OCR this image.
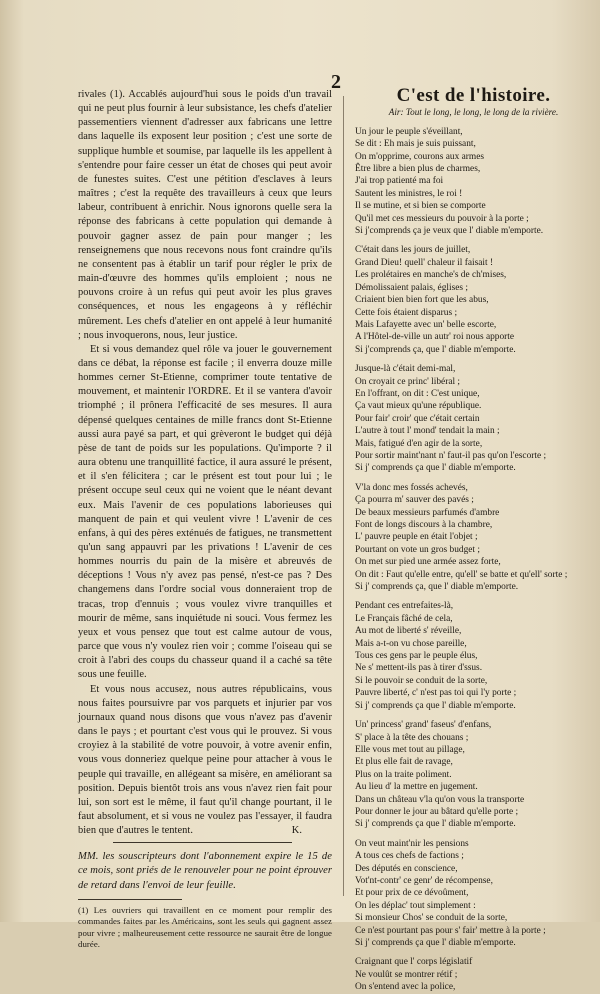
2

rivales (1). Accablés aujourd'hui sous le poids d'un travail qui ne peut plus fournir à leur subsistance, les chefs d'atelier passementiers viennent d'adresser aux fabricans une lettre dans laquelle ils exposent leur position ; c'est une sorte de supplique humble et soumise, par laquelle ils les appellent à s'entendre pour faire cesser un état de choses qui peut avoir de funestes suites. C'est une pétition d'esclaves à leurs maîtres ; c'est la requête des travailleurs à ceux que leurs labeur, contribuent à enrichir. Nous ignorons quelle sera la réponse des fabricans à cette population qui demande à pouvoir gagner assez de pain pour manger ; les renseignemens que nous recevons nous font craindre qu'ils ne consentent pas à établir un tarif pour régler le prix de main-d'œuvre des hommes qu'ils emploient ; nous ne pouvons croire à un refus qui peut avoir les plus graves conséquences, et nous les engageons à y réfléchir mûrement. Les chefs d'atelier en ont appelé à leur humanité ; nous invoquerons, nous, leur justice.

Et si vous demandez quel rôle va jouer le gouvernement dans ce débat, la réponse est facile ; il enverra douze mille hommes cerner St-Etienne, comprimer toute tentative de mouvement, et maintenir l'ORDRE. Et il se vantera d'avoir triomphé ; il prônera l'efficacité de ses mesures. Il aura dépensé quelques centaines de mille francs dont St-Etienne aussi aura payé sa part, et qui grèveront le budget qui déjà pèse de tant de poids sur les populations. Qu'importe ? il aura obtenu une tranquillité factice, il aura assuré le présent, et il s'en félicitera ; car le présent est tout pour lui ; le présent occupe seul ceux qui ne voient que le néant devant eux. Mais l'avenir de ces populations laborieuses qui manquent de pain et qui veulent vivre ! L'avenir de ces enfans, à qui des pères exténués de fatigues, ne transmettent qu'un sang appauvri par les privations ! L'avenir de ces hommes nourris du pain de la misère et abreuvés de déceptions ! Vous n'y avez pas pensé, n'est-ce pas ? Des changemens dans l'ordre social vous donneraient trop de tracas, trop d'ennuis ; vous voulez vivre tranquilles et mourir de même, sans inquiétude ni souci. Vous fermez les yeux et vous pensez que tout est calme autour de vous, parce que vous n'y voulez rien voir ; comme l'oiseau qui se croit à l'abri des coups du chasseur quand il a caché sa tête sous une feuille.

Et vous nous accusez, nous autres républicains, vous nous faites poursuivre par vos parquets et injurier par vos journaux quand nous disons que vous n'avez pas d'avenir dans le pays ; et pourtant c'est vous qui le prouvez. Si vous croyiez à la stabilité de votre pouvoir, à votre avenir enfin, vous vous donneriez quelque peine pour attacher à vous le peuple qui travaille, en allégeant sa misère, en améliorant sa position. Depuis bientôt trois ans vous n'avez rien fait pour lui, son sort est le même, il faut qu'il change pourtant, il le faut absolument, et si vous ne voulez pas l'essayer, il faudra bien que d'autres le tentent.	K.

MM. les souscripteurs dont l'abonnement expire le 15 de ce mois, sont priés de le renouveler pour ne point éprouver de retard dans l'envoi de leur feuille.

(1) Les ouvriers qui travaillent en ce moment pour remplir des commandes faites par les Américains, sont les seuls qui gagnent assez pour vivre ; malheureusement cette ressource ne saurait être de longue durée.
C'est de l'histoire.
Air: Tout le long, le long, le long de la rivière.
Un jour le peuple s'éveillant,
Se dit : Eh mais je suis puissant,
On m'opprime, courons aux armes
Être libre a bien plus de charmes,
J'ai trop patienté ma foi
Sautent les ministres, le roi !
Il se mutine, et si bien se comporte
Qu'il met ces messieurs du pouvoir à la porte ;
Si j'comprends ça je veux que l' diable m'emporte.
C'était dans les jours de juillet,
Grand Dieu! quell' chaleur il faisait !
Les prolétaires en manche's de ch'mises,
Démolissaient palais, églises ;
Criaient bien bien fort que les abus,
Cette fois étaient disparus ;
Mais Lafayette avec un' belle escorte,
A l'Hôtel-de-ville un autr' roi nous apporte
Si j'comprends ça, que l' diable m'emporte.
Jusque-là c'était demi-mal,
On croyait ce princ' libéral ;
En l'offrant, on dit : C'est unique,
Ça vaut mieux qu'une république.
Pour fair' croir' que c'était certain
L'autre à tout l' mond' tendait la main ;
Mais, fatigué d'en agir de la sorte,
Pour sortir maint'nant n' faut-il pas qu'on l'escorte ;
Si j' comprends ça que l' diable m'emporte.
V'la donc mes fossés achevés,
Ça pourra m' sauver des pavés ;
De beaux messieurs parfumés d'ambre
Font de longs discours à la chambre,
L' pauvre peuple en était l'objet ;
Pourtant on vote un gros budget ;
On met sur pied une armée assez forte,
On dit : Faut qu'elle entre, qu'ell' se batte et qu'ell' sorte ;
Si j' comprends ça, que l' diable m'emporte.
Pendant ces entrefaites-là,
Le Français fâché de cela,
Au mot de liberté s' réveille,
Mais a-t-on vu chose pareille,
Tous ces gens par le peuple élus,
Ne s' mettent-ils pas à tirer d'ssus.
Si le pouvoir se conduit de la sorte,
Pauvre liberté, c' n'est pas toi qui l'y porte ;
Si j' comprends ça que l' diable m'emporte.
Un' princess' grand' faseus' d'enfans,
S' place à la tête des chouans ;
Elle vous met tout au pillage,
Et plus elle fait de ravage,
Plus on la traite poliment.
Au lieu d' la mettre en jugement.
Dans un château v'la qu'on vous la transporte
Pour donner le jour au bâtard qu'elle porte ;
Si j' comprends ça que l' diable m'emporte.
On veut maint'nir les pensions
A tous ces chefs de factions ;
Des députés en conscience,
Vot'nt-contr' ce genr' de récompense,
Et pour prix de ce dévoûment,
On les déplac' tout simplement :
Si monsieur Chos' se conduit de la sorte,
Ce n'est pourtant pas pour s' fair' mettre à la porte ;
Si j' comprends ça que l' diable m'emporte.
Craignant que l' corps législatif
Ne voulût se montrer rétif ;
On s'entend avec la police,
